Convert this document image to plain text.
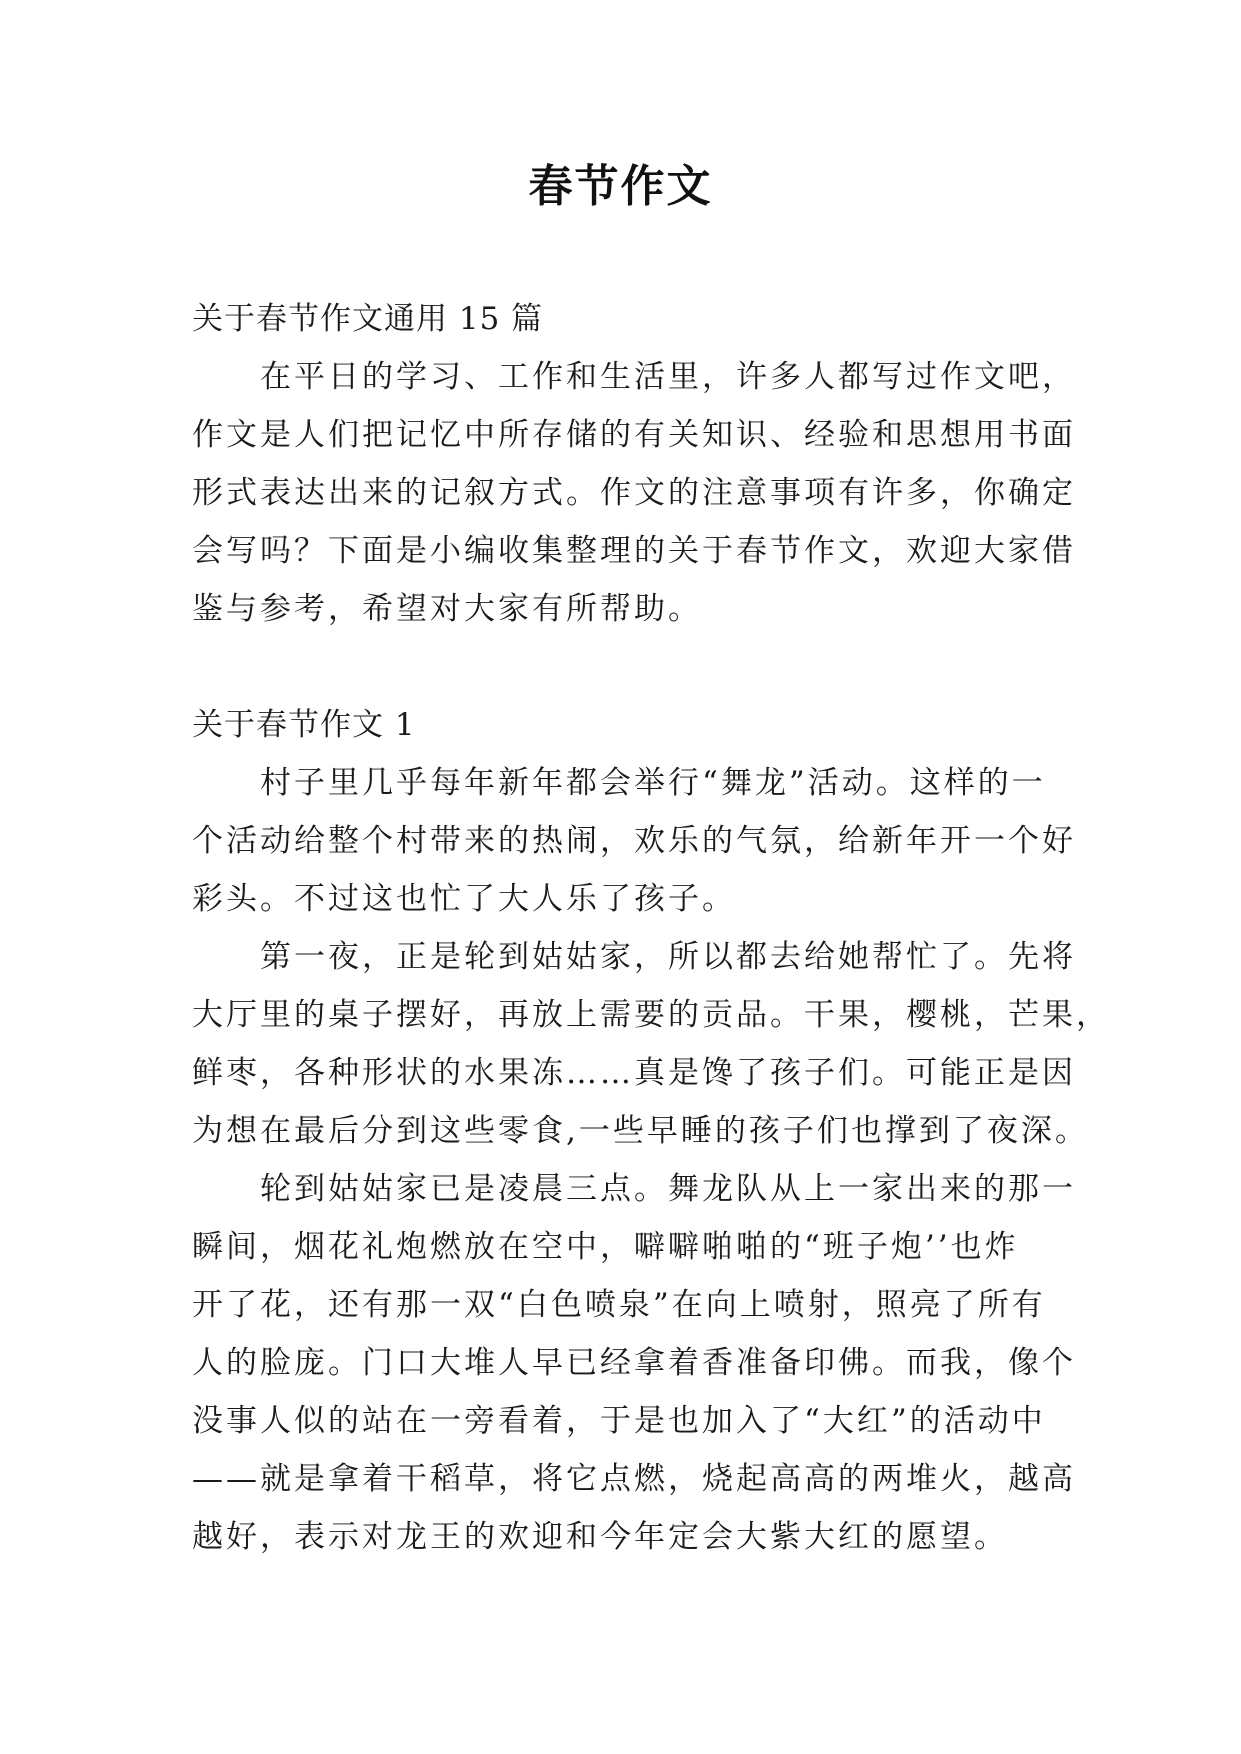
春节作文
关于春节作文通用 15 篇
在平日的学习、工作和生活里，许多人都写过作文吧，
作文是人们把记忆中所存储的有关知识、经验和思想用书面
形式表达出来的记叙方式。作文的注意事项有许多，你确定
会写吗？下面是小编收集整理的关于春节作文，欢迎大家借
鉴与参考，希望对大家有所帮助。
关于春节作文 1
村子里几乎每年新年都会举行“舞龙”活动。这样的一
个活动给整个村带来的热闹，欢乐的气氛，给新年开一个好
彩头。不过这也忙了大人乐了孩子。
第一夜，正是轮到姑姑家，所以都去给她帮忙了。先将
大厅里的桌子摆好，再放上需要的贡品。干果，樱桃，芒果，
鲜枣，各种形状的水果冻……真是馋了孩子们。可能正是因
为想在最后分到这些零食,一些早睡的孩子们也撑到了夜深。
轮到姑姑家已是凌晨三点。舞龙队从上一家出来的那一
瞬间，烟花礼炮燃放在空中，噼噼啪啪的“班子炮’’也炸
开了花，还有那一双“白色喷泉”在向上喷射，照亮了所有
人的脸庞。门口大堆人早已经拿着香准备印佛。而我，像个
没事人似的站在一旁看着，于是也加入了“大红”的活动中
——就是拿着干稻草，将它点燃，烧起高高的两堆火，越高
越好，表示对龙王的欢迎和今年定会大紫大红的愿望。
